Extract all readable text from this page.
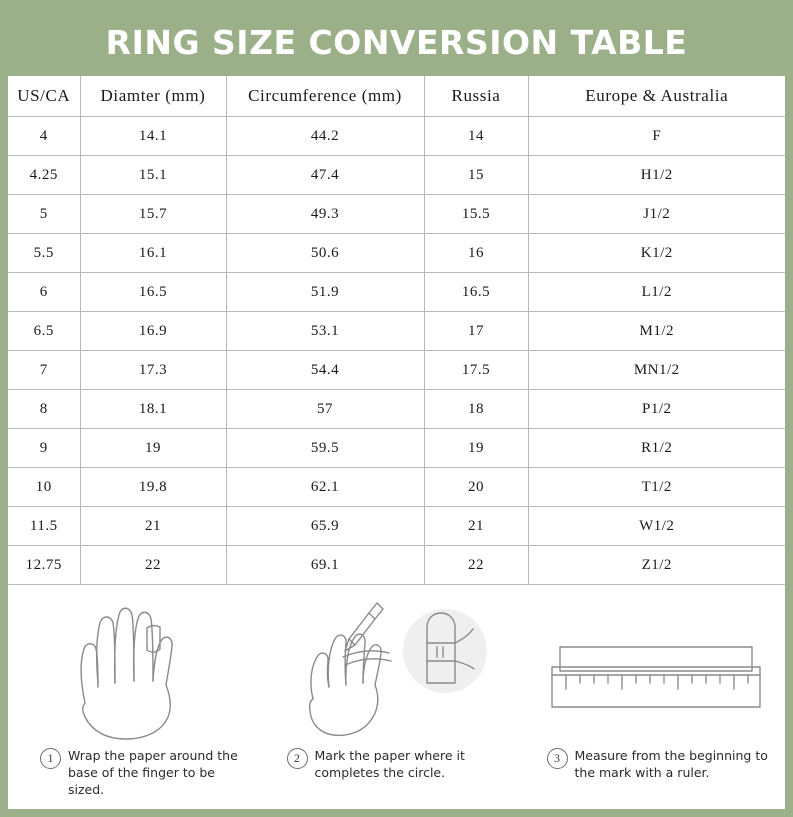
RING SIZE CONVERSION TABLE
US/CA	Diamter (mm)	Circumference (mm)	Russia	Europe & Australia
4	14.1	44.2	14	F
4.25	15.1	47.4	15	H1/2
5	15.7	49.3	15.5	J1/2
5.5	16.1	50.6	16	K1/2
6	16.5	51.9	16.5	L1/2
6.5	16.9	53.1	17	M1/2
7	17.3	54.4	17.5	MN1/2
8	18.1	57	18	P1/2
9	19	59.5	19	R1/2
10	19.8	62.1	20	T1/2
11.5	21	65.9	21	W1/2
12.75	22	69.1	22	Z1/2
1	Wrap the paper around the base of the finger to be sized.
2	Mark the paper where it completes the circle.
3	Measure from the beginning to the mark with a ruler.
